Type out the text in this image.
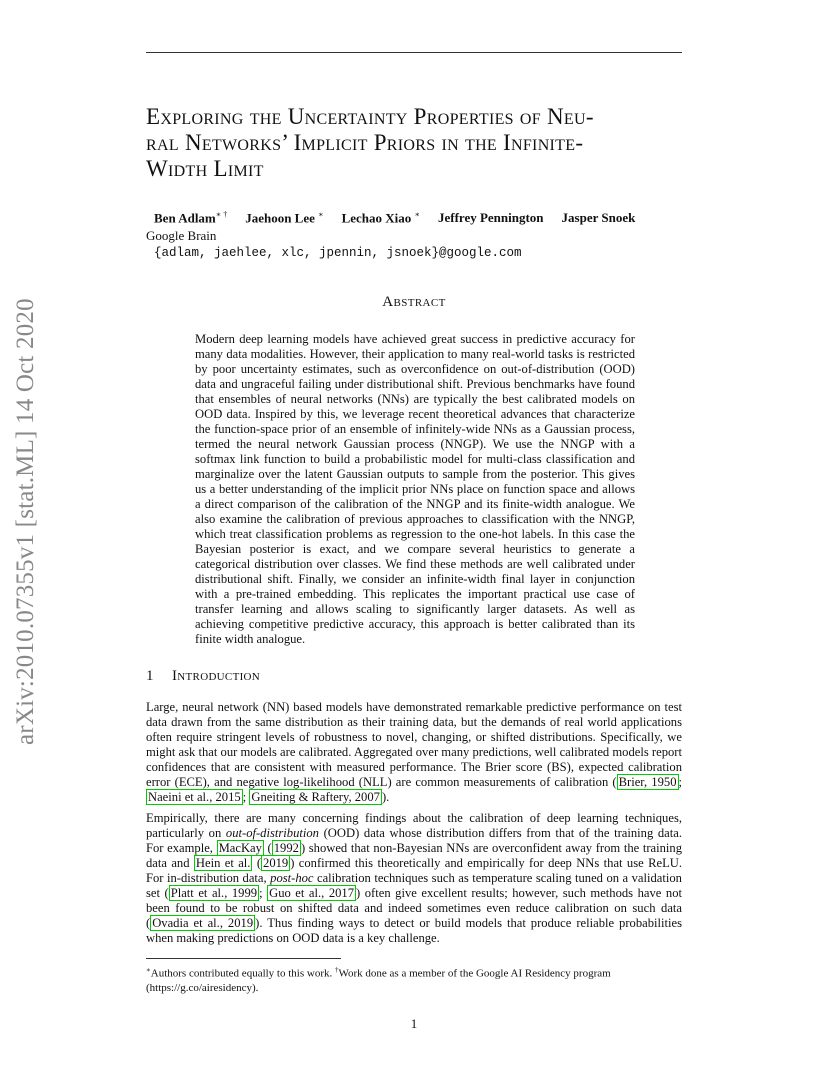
arXiv:2010.07355v1 [stat.ML] 14 Oct 2020
Exploring the Uncertainty Properties of Neu-
ral Networks’ Implicit Priors in the Infinite-
Width Limit
Ben Adlam∗ † Jaehoon Lee ∗ Lechao Xiao ∗ Jeffrey Pennington Jasper Snoek
Google Brain
{adlam, jaehlee, xlc, jpennin, jsnoek}@google.com
Abstract
Modern deep learning models have achieved great success in predictive accuracy for many data modalities. However, their application to many real-world tasks is restricted by poor uncertainty estimates, such as overconfidence on out-of-distribution (OOD) data and ungraceful failing under distributional shift. Previous benchmarks have found that ensembles of neural networks (NNs) are typically the best calibrated models on OOD data. Inspired by this, we leverage recent theoretical advances that characterize the function-space prior of an ensemble of infinitely-wide NNs as a Gaussian process, termed the neural network Gaussian process (NNGP). We use the NNGP with a softmax link function to build a probabilistic model for multi-class classification and marginalize over the latent Gaussian outputs to sample from the posterior. This gives us a better understanding of the implicit prior NNs place on function space and allows a direct comparison of the calibration of the NNGP and its finite-width analogue. We also examine the calibration of previous approaches to classification with the NNGP, which treat classification problems as regression to the one-hot labels. In this case the Bayesian posterior is exact, and we compare several heuristics to generate a categorical distribution over classes. We find these methods are well calibrated under distributional shift. Finally, we consider an infinite-width final layer in conjunction with a pre-trained embedding. This replicates the important practical use case of transfer learning and allows scaling to significantly larger datasets. As well as achieving competitive predictive accuracy, this approach is better calibrated than its finite width analogue.
1 Introduction
Large, neural network (NN) based models have demonstrated remarkable predictive performance on test data drawn from the same distribution as their training data, but the demands of real world applications often require stringent levels of robustness to novel, changing, or shifted distributions. Specifically, we might ask that our models are calibrated. Aggregated over many predictions, well calibrated models report confidences that are consistent with measured performance. The Brier score (BS), expected calibration error (ECE), and negative log-likelihood (NLL) are common measurements of calibration ( Brier, 1950 ; Naeini et al., 2015 ; Gneiting & Raftery, 2007 ).
Empirically, there are many concerning findings about the calibration of deep learning techniques, particularly on out-of-distribution (OOD) data whose distribution differs from that of the training data. For example, MacKay ( 1992 ) showed that non-Bayesian NNs are overconfident away from the training data and Hein et al. ( 2019 ) confirmed this theoretically and empirically for deep NNs that use ReLU. For in-distribution data, post-hoc calibration techniques such as temperature scaling tuned on a validation set ( Platt et al., 1999 ; Guo et al., 2017 ) often give excellent results; however, such methods have not been found to be robust on shifted data and indeed sometimes even reduce calibration on such data ( Ovadia et al., 2019 ). Thus finding ways to detect or build models that produce reliable probabilities when making predictions on OOD data is a key challenge.
∗Authors contributed equally to this work. †Work done as a member of the Google AI Residency program (https://g.co/airesidency).
1
